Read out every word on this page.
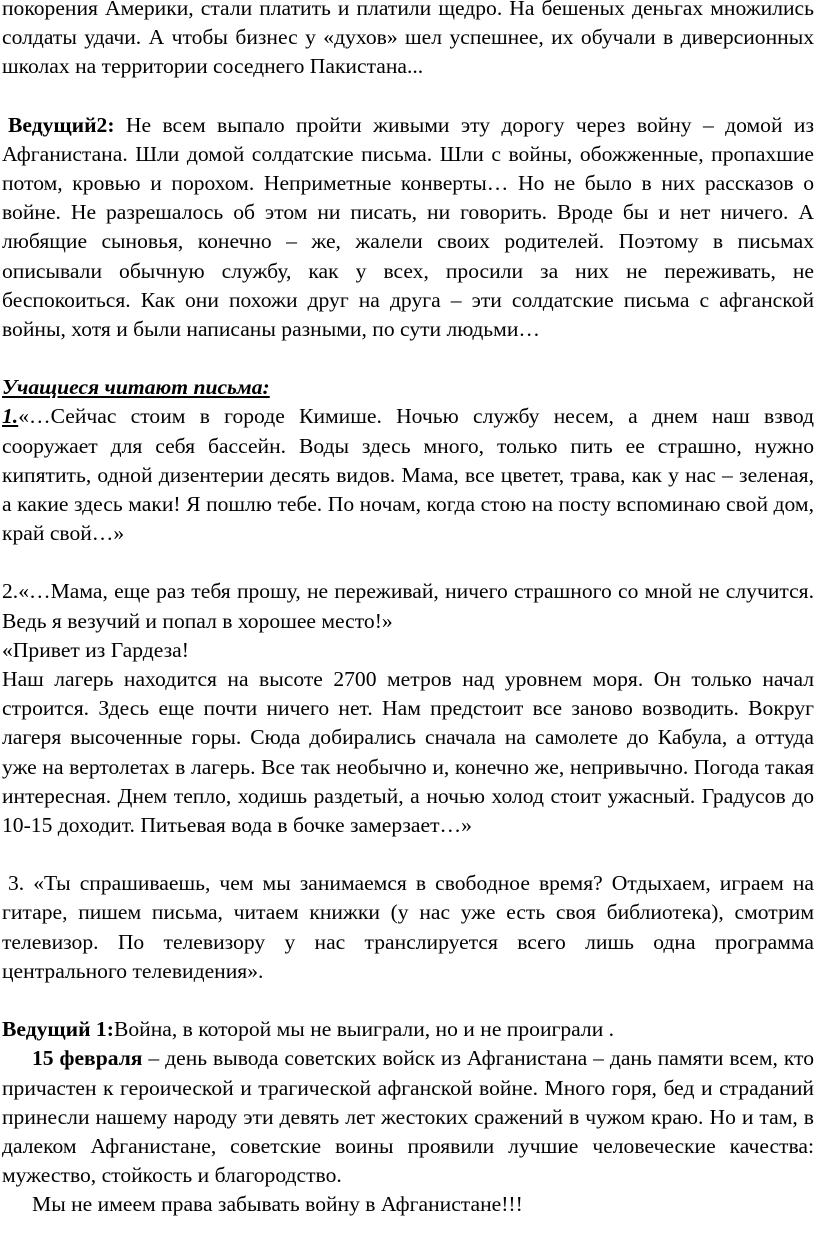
покорения Америки, стали платить и платили щедро. На бешеных деньгах множились солдаты удачи. А чтобы бизнес у «духов» шел успешнее, их обучали в диверсионных школах на территории соседнего Пакистана...

Ведущий2: Не всем выпало пройти живыми эту дорогу через войну – домой из Афганистана. Шли домой солдатские письма. Шли с войны, обожженные, пропахшие потом, кровью и порохом. Неприметные конверты… Но не было в них рассказов о войне. Не разрешалось об этом ни писать, ни говорить. Вроде бы и нет ничего. А любящие сыновья, конечно – же, жалели своих родителей. Поэтому в письмах описывали обычную службу, как у всех, просили за них не переживать, не беспокоиться. Как они похожи друг на друга – эти солдатские письма с афганской войны, хотя и были написаны разными, по сути людьми…

Учащиеся читают письма:

1.«…Сейчас стоим в городе Кимише. Ночью службу несем, а днем наш взвод сооружает для себя бассейн. Воды здесь много, только пить ее страшно, нужно кипятить, одной дизентерии десять видов. Мама, все цветет, трава, как у нас – зеленая, а какие здесь маки! Я пошлю тебе. По ночам, когда стою на посту вспоминаю свой дом, край свой…»

2.«…Мама, еще раз тебя прошу, не переживай, ничего страшного со мной не случится. Ведь я везучий и попал в хорошее место!»

«Привет из Гардеза!

Наш лагерь находится на высоте 2700 метров над уровнем моря. Он только начал строится. Здесь еще почти ничего нет. Нам предстоит все заново возводить. Вокруг лагеря высоченные горы. Сюда добирались сначала на самолете до Кабула, а оттуда уже на вертолетах в лагерь. Все так необычно и, конечно же, непривычно. Погода такая интересная. Днем тепло, ходишь раздетый, а ночью холод стоит ужасный. Градусов до 10-15 доходит. Питьевая вода в бочке замерзает…»

3. «Ты спрашиваешь, чем мы занимаемся в свободное время? Отдыхаем, играем на гитаре, пишем письма, читаем книжки (у нас уже есть своя библиотека), смотрим телевизор. По телевизору у нас транслируется всего лишь одна программа центрального телевидения».

Ведущий 1:Война, в которой мы не выиграли, но и не проиграли .

15 февраля – день вывода советских войск из Афганистана – дань памяти всем, кто причастен к героической и трагической афганской войне. Много горя, бед и страданий принесли нашему народу эти девять лет жестоких сражений в чужом краю. Но и там, в далеком Афганистане, советские воины проявили лучшие человеческие качества: мужество, стойкость и благородство.

Мы не имеем права забывать войну в Афганистане!!!
